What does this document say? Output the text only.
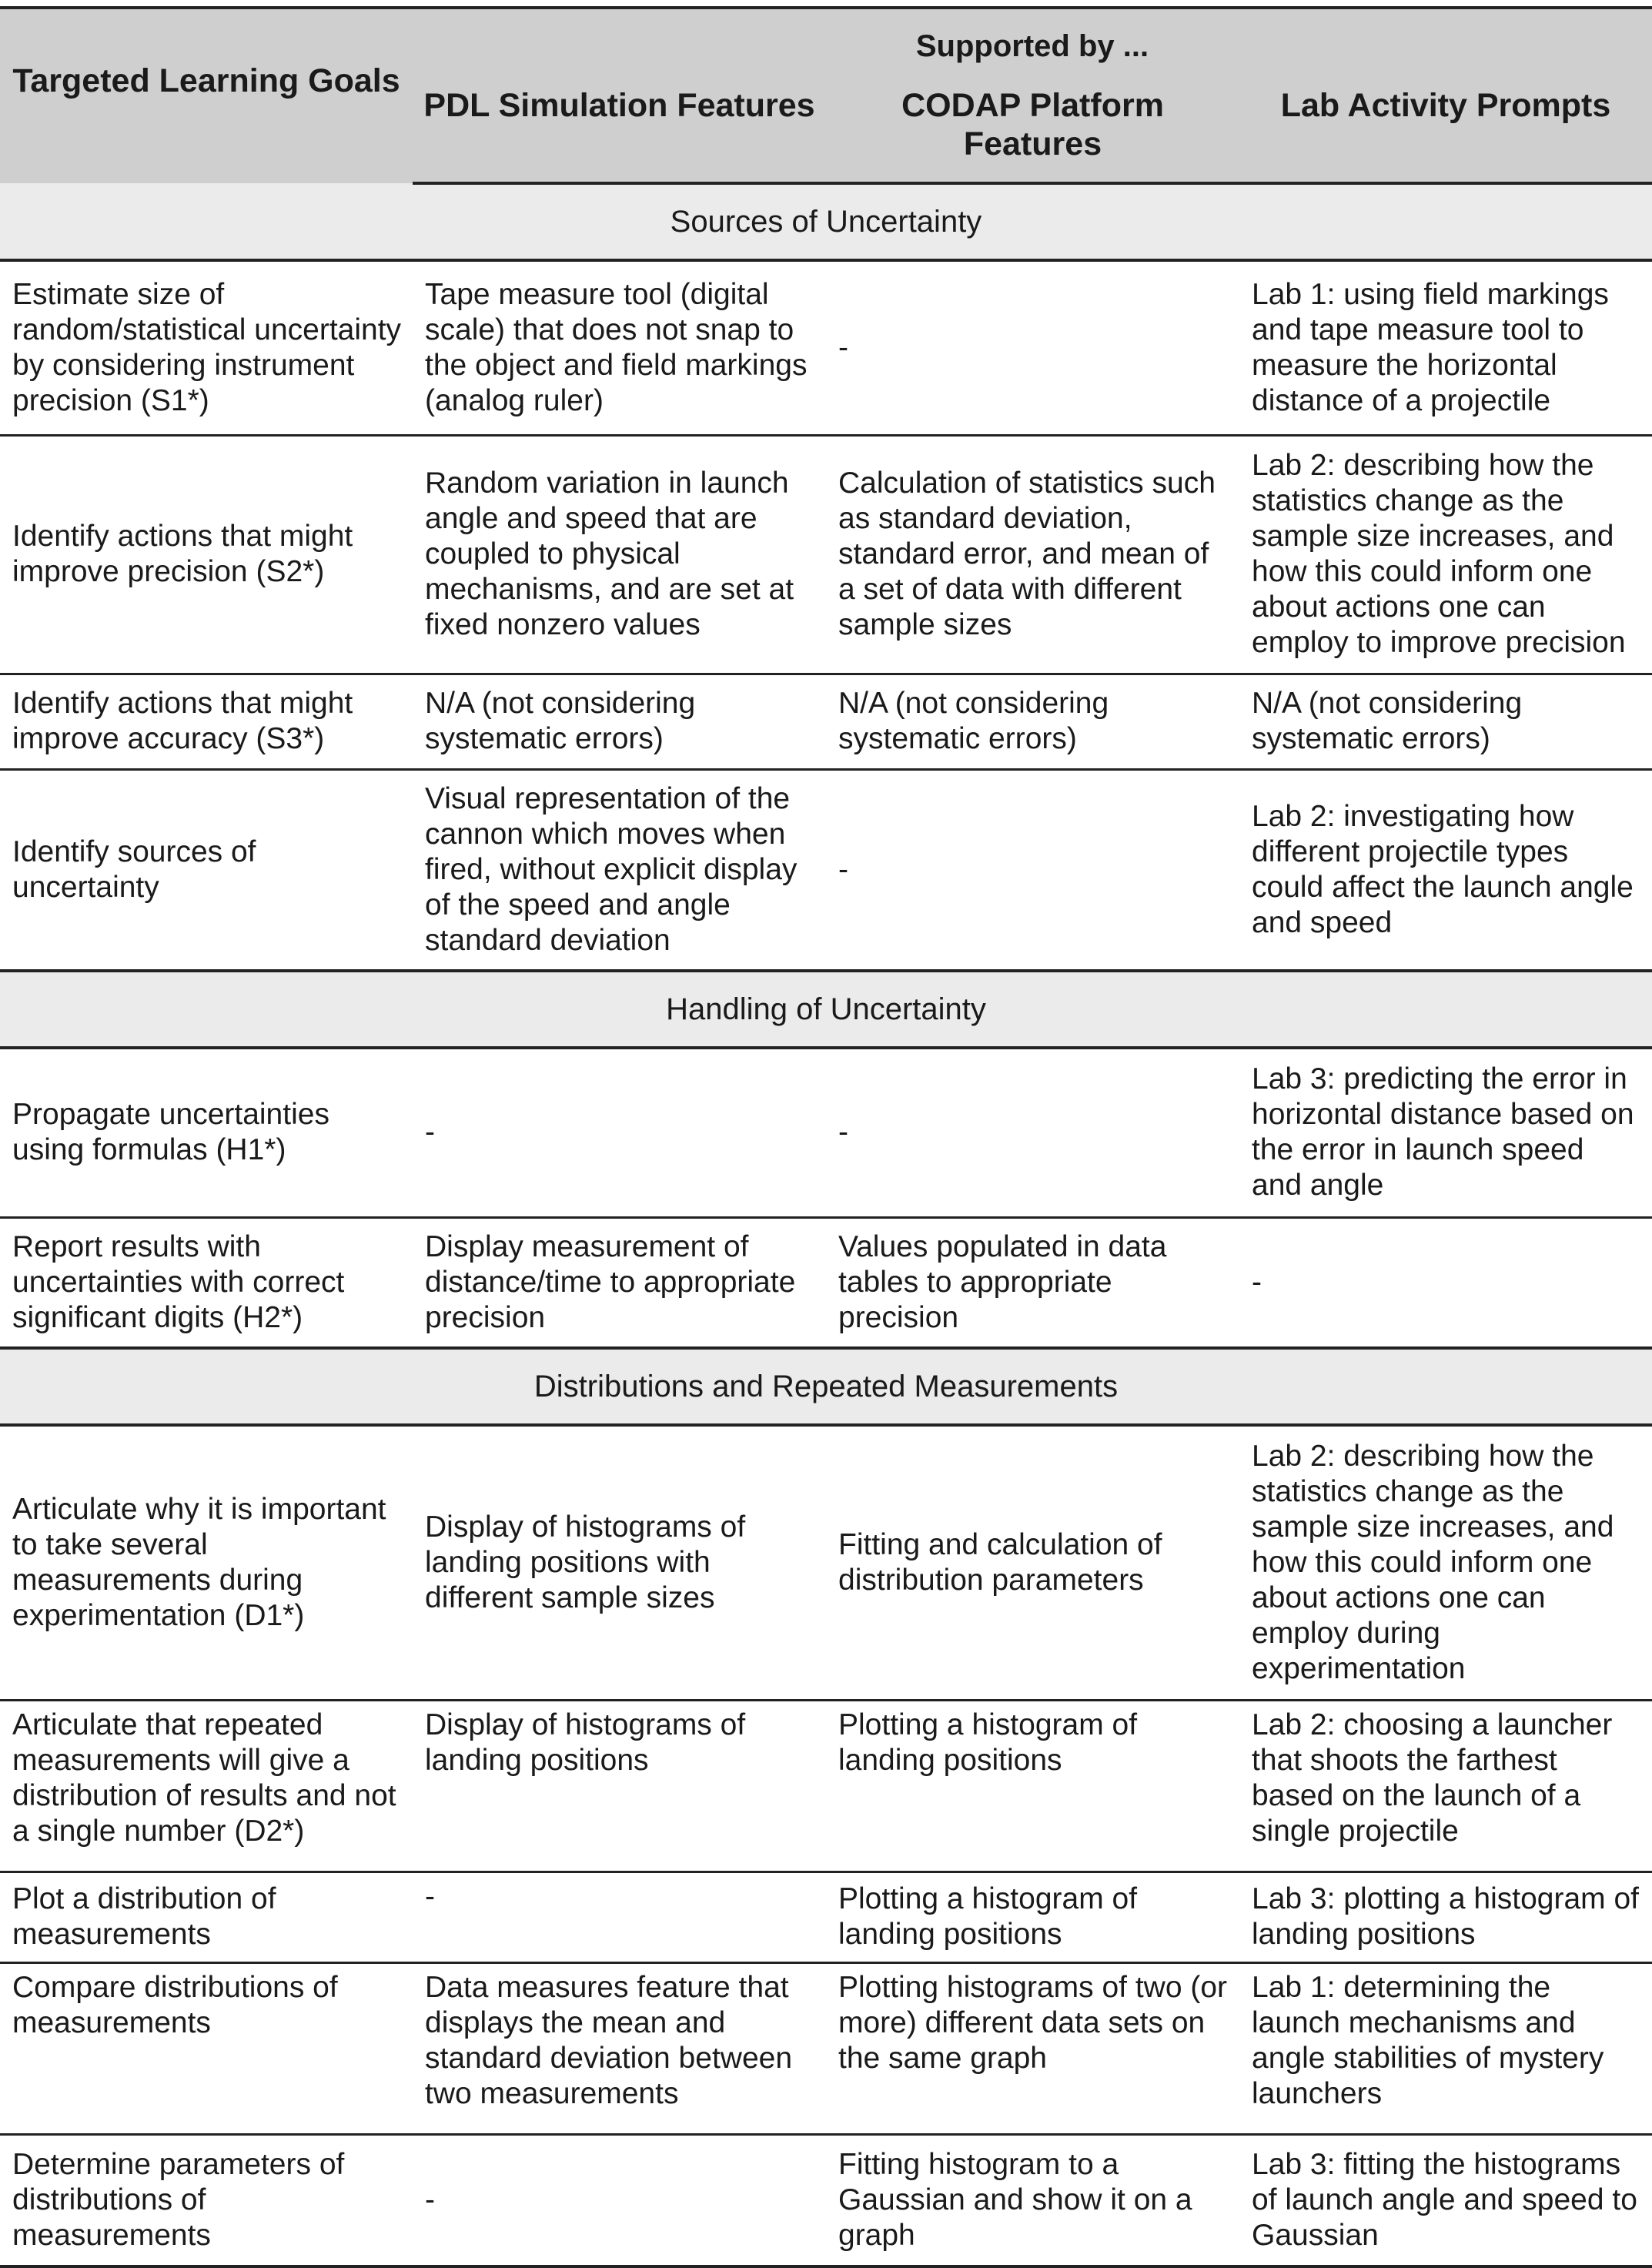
Targeted Learning Goals	Supported by ...		
	PDL Simulation Features	CODAP Platform Features	Lab Activity Prompts
Sources of Uncertainty			
Estimate size of random/statistical uncertainty by considering instrument precision (S1*)	Tape measure tool (digital scale) that does not snap to the object and field markings (analog ruler)	-	Lab 1: using field markings and tape measure tool to measure the horizontal distance of a projectile
Identify actions that might improve precision (S2*)	Random variation in launch angle and speed that are coupled to physical mechanisms, and are set at fixed nonzero values	Calculation of statistics such as standard deviation, standard error, and mean of a set of data with different sample sizes	Lab 2: describing how the statistics change as the sample size increases, and how this could inform one about actions one can employ to improve precision
Identify actions that might improve accuracy (S3*)	N/A (not considering systematic errors)	N/A (not considering systematic errors)	N/A (not considering systematic errors)
Identify sources of uncertainty	Visual representation of the cannon which moves when fired, without explicit display of the speed and angle standard deviation	-	Lab 2: investigating how different projectile types could affect the launch angle and speed
Handling of Uncertainty			
Propagate uncertainties using formulas (H1*)	-	-	Lab 3: predicting the error in horizontal distance based on the error in launch speed and angle
Report results with uncertainties with correct significant digits (H2*)	Display measurement of distance/time to appropriate precision	Values populated in data tables to appropriate precision	-
Distributions and Repeated Measurements			
Articulate why it is important to take several measurements during experimentation (D1*)	Display of histograms of landing positions with different sample sizes	Fitting and calculation of distribution parameters	Lab 2: describing how the statistics change as the sample size increases, and how this could inform one about actions one can employ during experimentation
Articulate that repeated measurements will give a distribution of results and not a single number (D2*)	Display of histograms of landing positions	Plotting a histogram of landing positions	Lab 2: choosing a launcher that shoots the farthest based on the launch of a single projectile
Plot a distribution of measurements	-	Plotting a histogram of landing positions	Lab 3: plotting a histogram of landing positions
Compare distributions of measurements	Data measures feature that displays the mean and standard deviation between two measurements	Plotting histograms of two (or more) different data sets on the same graph	Lab 1: determining the launch mechanisms and angle stabilities of mystery launchers
Determine parameters of distributions of measurements	-	Fitting histogram to a Gaussian and show it on a graph	Lab 3: fitting the histograms of launch angle and speed to Gaussian
